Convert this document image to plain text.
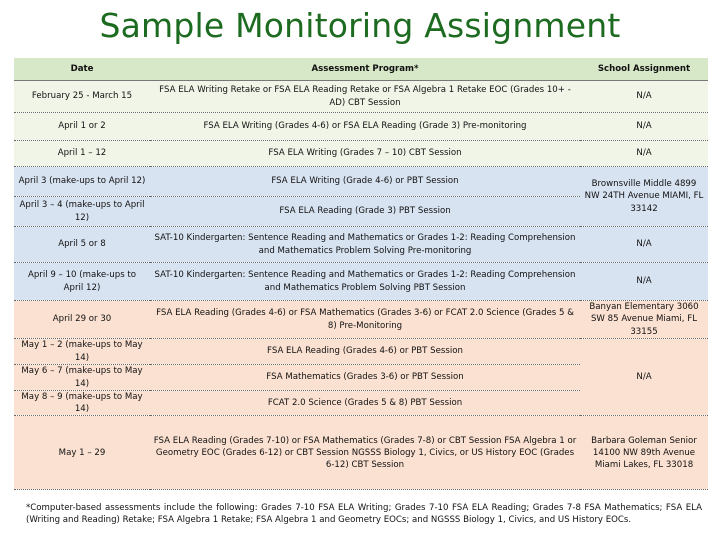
Sample Monitoring Assignment
Date	Assessment Program*	School Assignment
February 25 - March 15	FSA ELA Writing Retake or FSA ELA Reading Retake or FSA Algebra 1 Retake EOC (Grades 10+ - AD) CBT Session	N/A
April 1 or 2	FSA ELA Writing (Grades 4-6) or FSA ELA Reading (Grade 3) Pre-monitoring	N/A
April 1 – 12	FSA ELA Writing (Grades 7 – 10) CBT Session	N/A
April 3 (make-ups to April 12)	FSA ELA Writing (Grade 4-6) or PBT Session	Brownsville Middle 4899 NW 24TH Avenue MIAMI, FL 33142
April 3 – 4 (make-ups to April 12)	FSA ELA Reading (Grade 3) PBT Session	
April 5 or 8	SAT-10 Kindergarten: Sentence Reading and Mathematics or Grades 1-2: Reading Comprehension and Mathematics Problem Solving Pre-monitoring	N/A
April 9 – 10 (make-ups to April 12)	SAT-10 Kindergarten: Sentence Reading and Mathematics or Grades 1-2: Reading Comprehension and Mathematics Problem Solving PBT Session	N/A
April 29 or 30	FSA ELA Reading (Grades 4-6) or FSA Mathematics (Grades 3-6) or FCAT 2.0 Science (Grades 5 & 8) Pre-Monitoring	Banyan Elementary 3060 SW 85 Avenue Miami, FL 33155
May 1 – 2 (make-ups to May 14)	FSA ELA Reading (Grades 4-6) or PBT Session	N/A
May 6 – 7 (make-ups to May 14)	FSA Mathematics (Grades 3-6) or PBT Session	
May 8 – 9 (make-ups to May 14)	FCAT 2.0 Science (Grades 5 & 8) PBT Session	
May 1 – 29	FSA ELA Reading (Grades 7-10) or FSA Mathematics (Grades 7-8) or CBT Session FSA Algebra 1 or Geometry EOC (Grades 6-12) or CBT Session NGSSS Biology 1, Civics, or US History EOC (Grades 6-12) CBT Session	Barbara Goleman Senior 14100 NW 89th Avenue Miami Lakes, FL 33018
*Computer-based assessments include the following: Grades 7-10 FSA ELA Writing; Grades 7-10 FSA ELA Reading; Grades 7-8 FSA Mathematics; FSA ELA (Writing and Reading) Retake; FSA Algebra 1 Retake; FSA Algebra 1 and Geometry EOCs; and NGSSS Biology 1, Civics, and US History EOCs.
